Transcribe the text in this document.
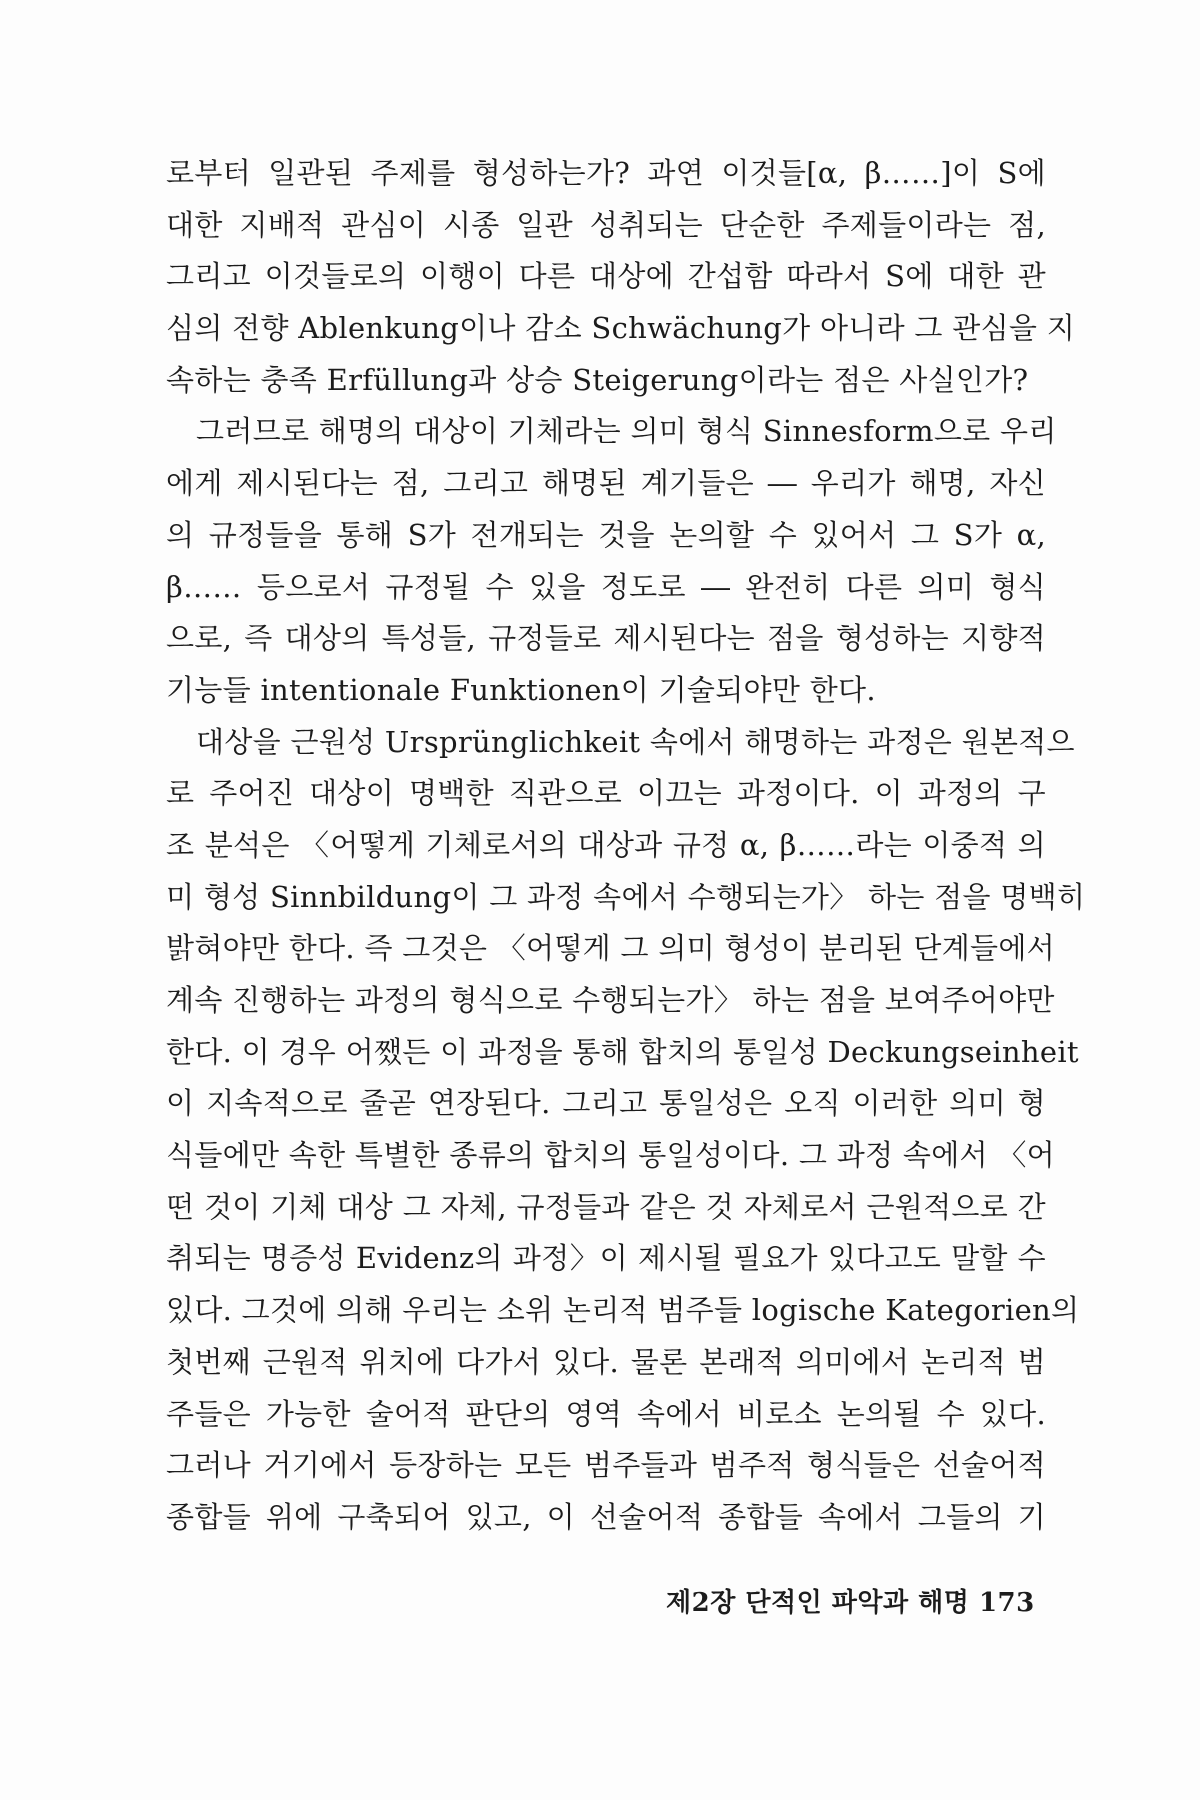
로부터 일관된 주제를 형성하는가? 과연 이것들[α, β……]이 S에
대한 지배적 관심이 시종 일관 성취되는 단순한 주제들이라는 점,
그리고 이것들로의 이행이 다른 대상에 간섭함 따라서 S에 대한 관
심의 전향 Ablenkung이나 감소 Schwächung가 아니라 그 관심을 지
속하는 충족 Erfüllung과 상승 Steigerung이라는 점은 사실인가?
그러므로 해명의 대상이 기체라는 의미 형식 Sinnesform으로 우리
에게 제시된다는 점, 그리고 해명된 계기들은 ― 우리가 해명, 자신
의 규정들을 통해 S가 전개되는 것을 논의할 수 있어서 그 S가 α,
β…… 등으로서 규정될 수 있을 정도로 ― 완전히 다른 의미 형식
으로, 즉 대상의 특성들, 규정들로 제시된다는 점을 형성하는 지향적
기능들 intentionale Funktionen이 기술되야만 한다.
대상을 근원성 Ursprünglichkeit 속에서 해명하는 과정은 원본적으
로 주어진 대상이 명백한 직관으로 이끄는 과정이다. 이 과정의 구
조 분석은 〈어떻게 기체로서의 대상과 규정 α, β……라는 이중적 의
미 형성 Sinnbildung이 그 과정 속에서 수행되는가〉 하는 점을 명백히
밝혀야만 한다. 즉 그것은 〈어떻게 그 의미 형성이 분리된 단계들에서
계속 진행하는 과정의 형식으로 수행되는가〉 하는 점을 보여주어야만
한다. 이 경우 어쨌든 이 과정을 통해 합치의 통일성 Deckungseinheit
이 지속적으로 줄곧 연장된다. 그리고 통일성은 오직 이러한 의미 형
식들에만 속한 특별한 종류의 합치의 통일성이다. 그 과정 속에서 〈어
떤 것이 기체 대상 그 자체, 규정들과 같은 것 자체로서 근원적으로 간
취되는 명증성 Evidenz의 과정〉이 제시될 필요가 있다고도 말할 수
있다. 그것에 의해 우리는 소위 논리적 범주들 logische Kategorien의
첫번째 근원적 위치에 다가서 있다. 물론 본래적 의미에서 논리적 범
주들은 가능한 술어적 판단의 영역 속에서 비로소 논의될 수 있다.
그러나 거기에서 등장하는 모든 범주들과 범주적 형식들은 선술어적
종합들 위에 구축되어 있고, 이 선술어적 종합들 속에서 그들의 기
제2장 단적인 파악과 해명 173
